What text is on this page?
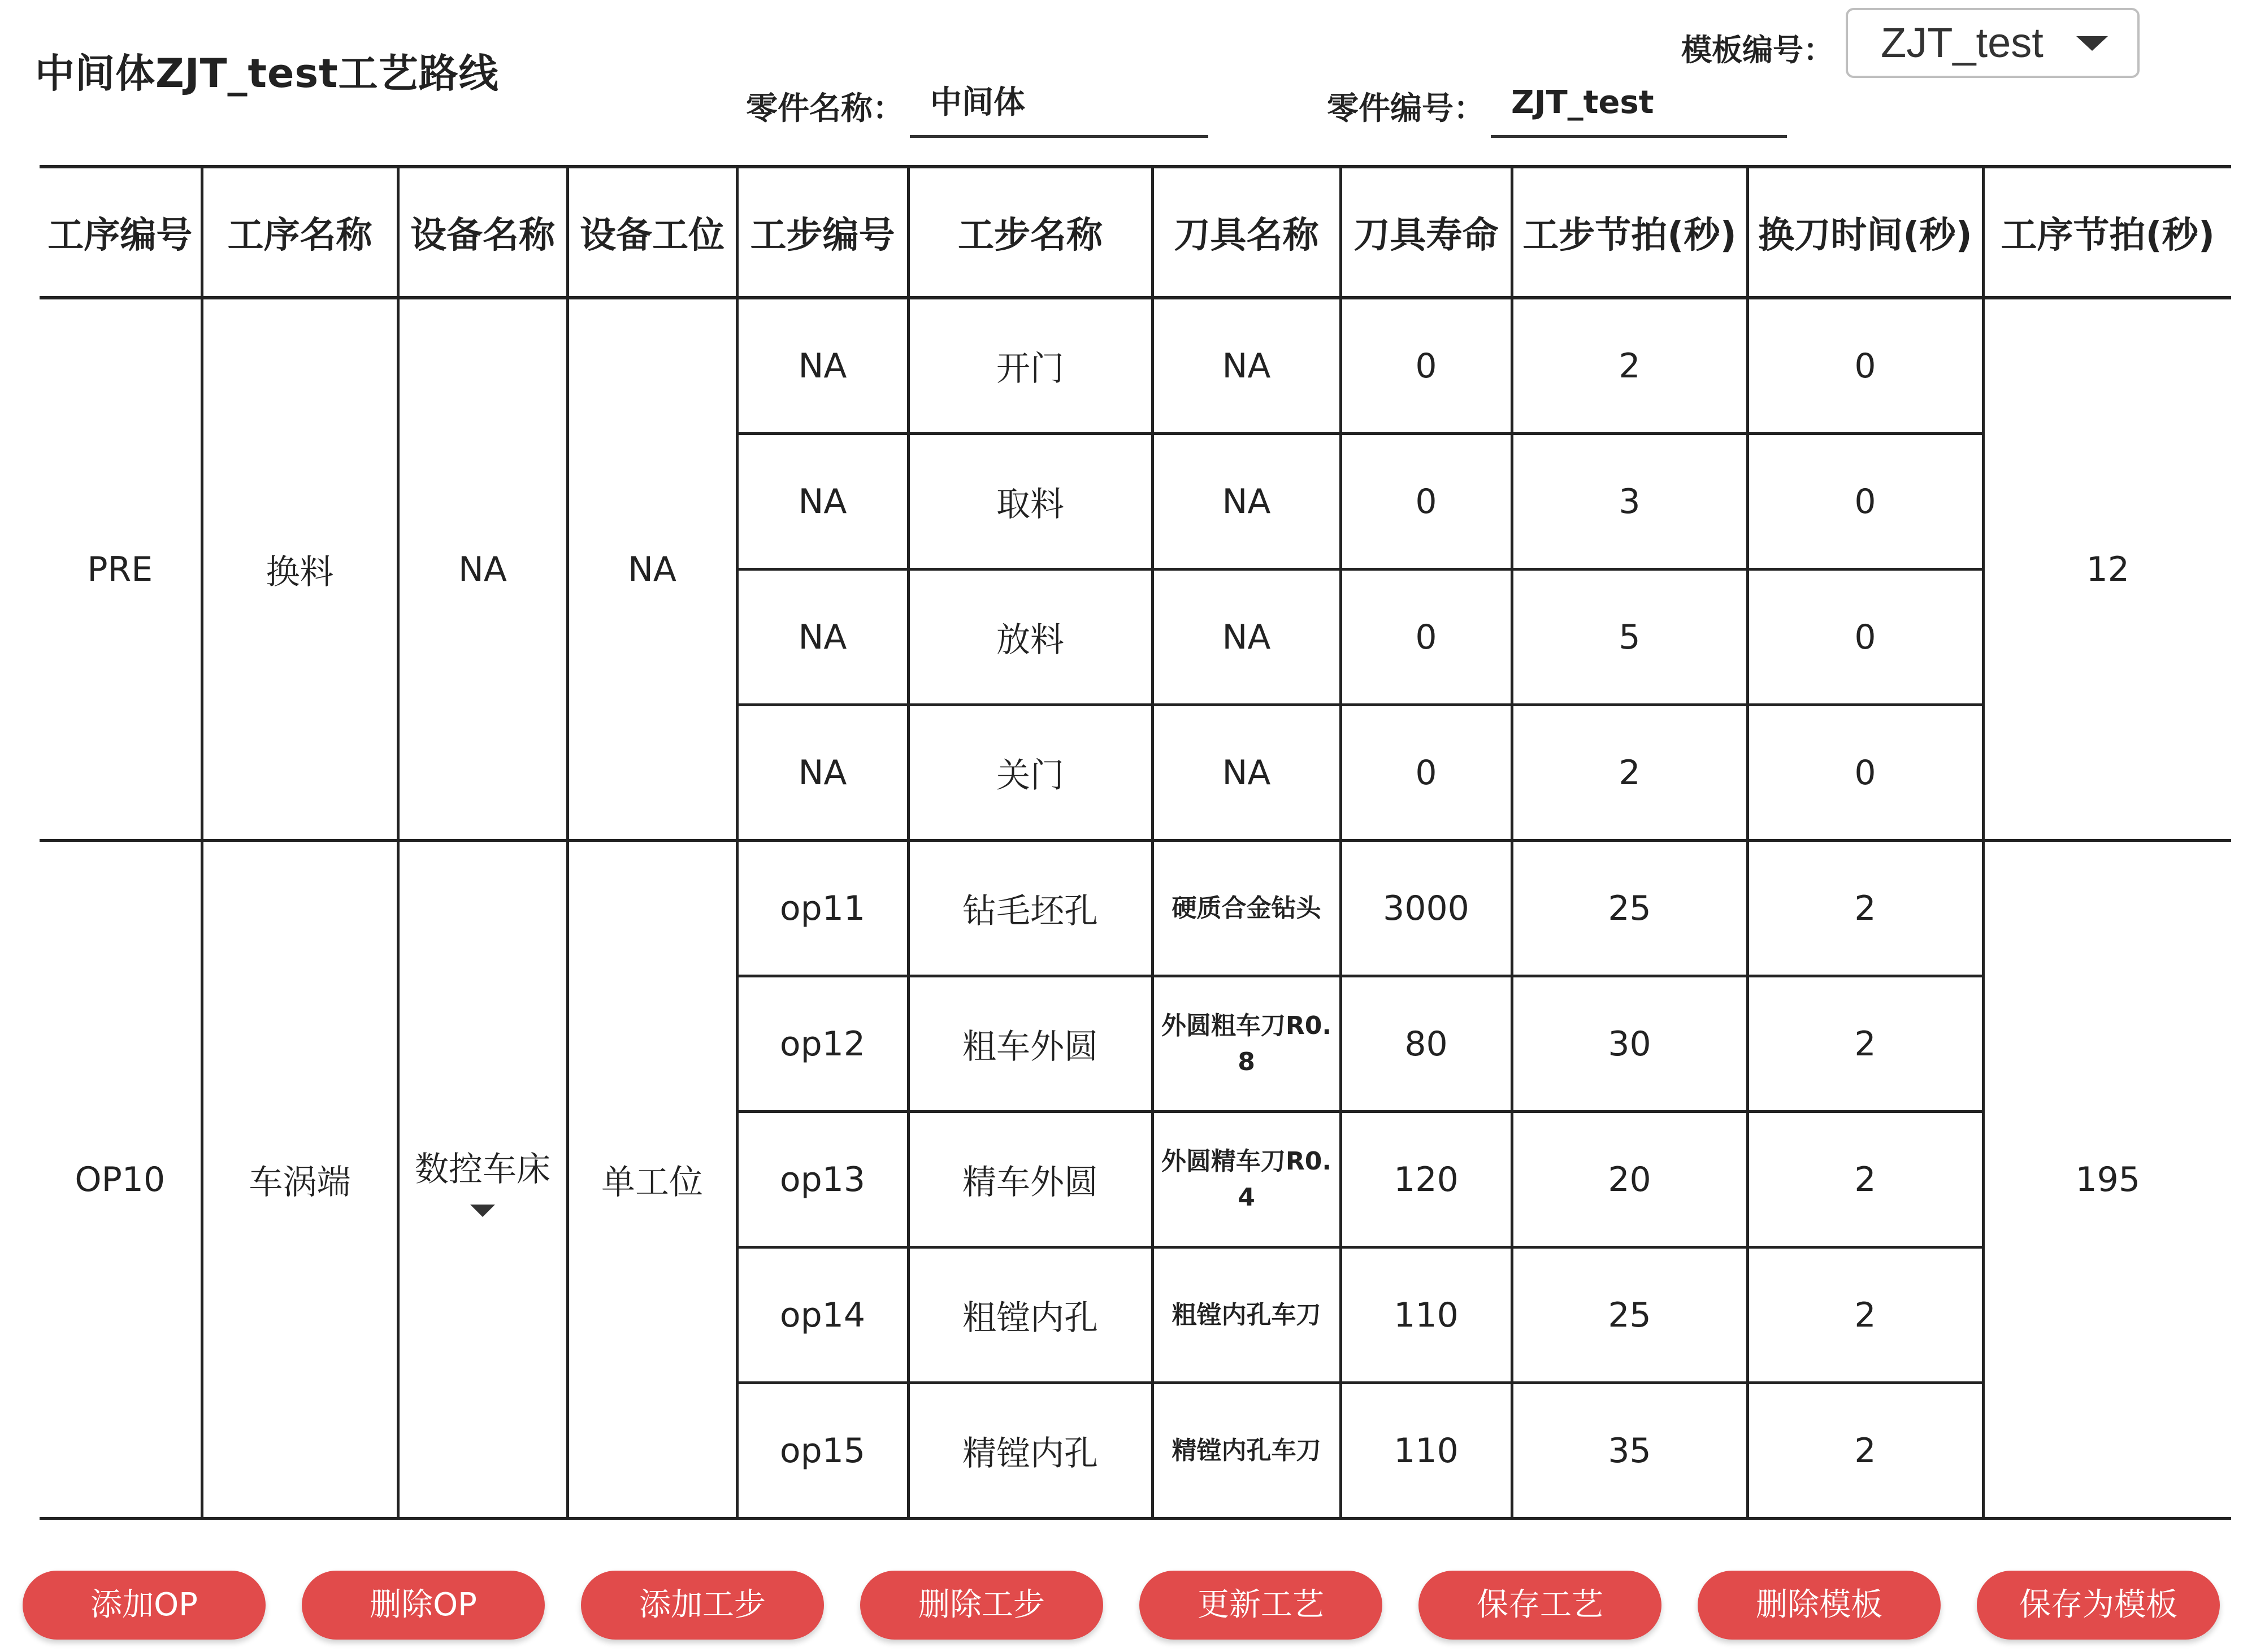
中间体ZJT_test工艺路线
零件名称： 中间体	零件编号： ZJT_test
模板编号：	ZJT_test
工序编号	工序名称	设备名称	设备工位	工步编号	工步名称	刀具名称	刀具寿命	工步节拍(秒)	换刀时间(秒)	工序节拍(秒)
PRE	换料	NA	NA	NA	开门	NA	0	2	0	12
				NA	取料	NA	0	3	0	
				NA	放料	NA	0	5	0	
				NA	关门	NA	0	2	0	
OP10	车涡端	数控车床	单工位	op11	钻毛坯孔	硬质合金钻头	3000	25	2	195
				op12	粗车外圆	外圆粗车刀R0.8	80	30	2	
				op13	精车外圆	外圆精车刀R0.4	120	20	2	
				op14	粗镗内孔	粗镗内孔车刀	110	25	2	
				op15	精镗内孔	精镗内孔车刀	110	35	2	
添加OP	删除OP	添加工步	删除工步	更新工艺	保存工艺	删除模板	保存为模板
